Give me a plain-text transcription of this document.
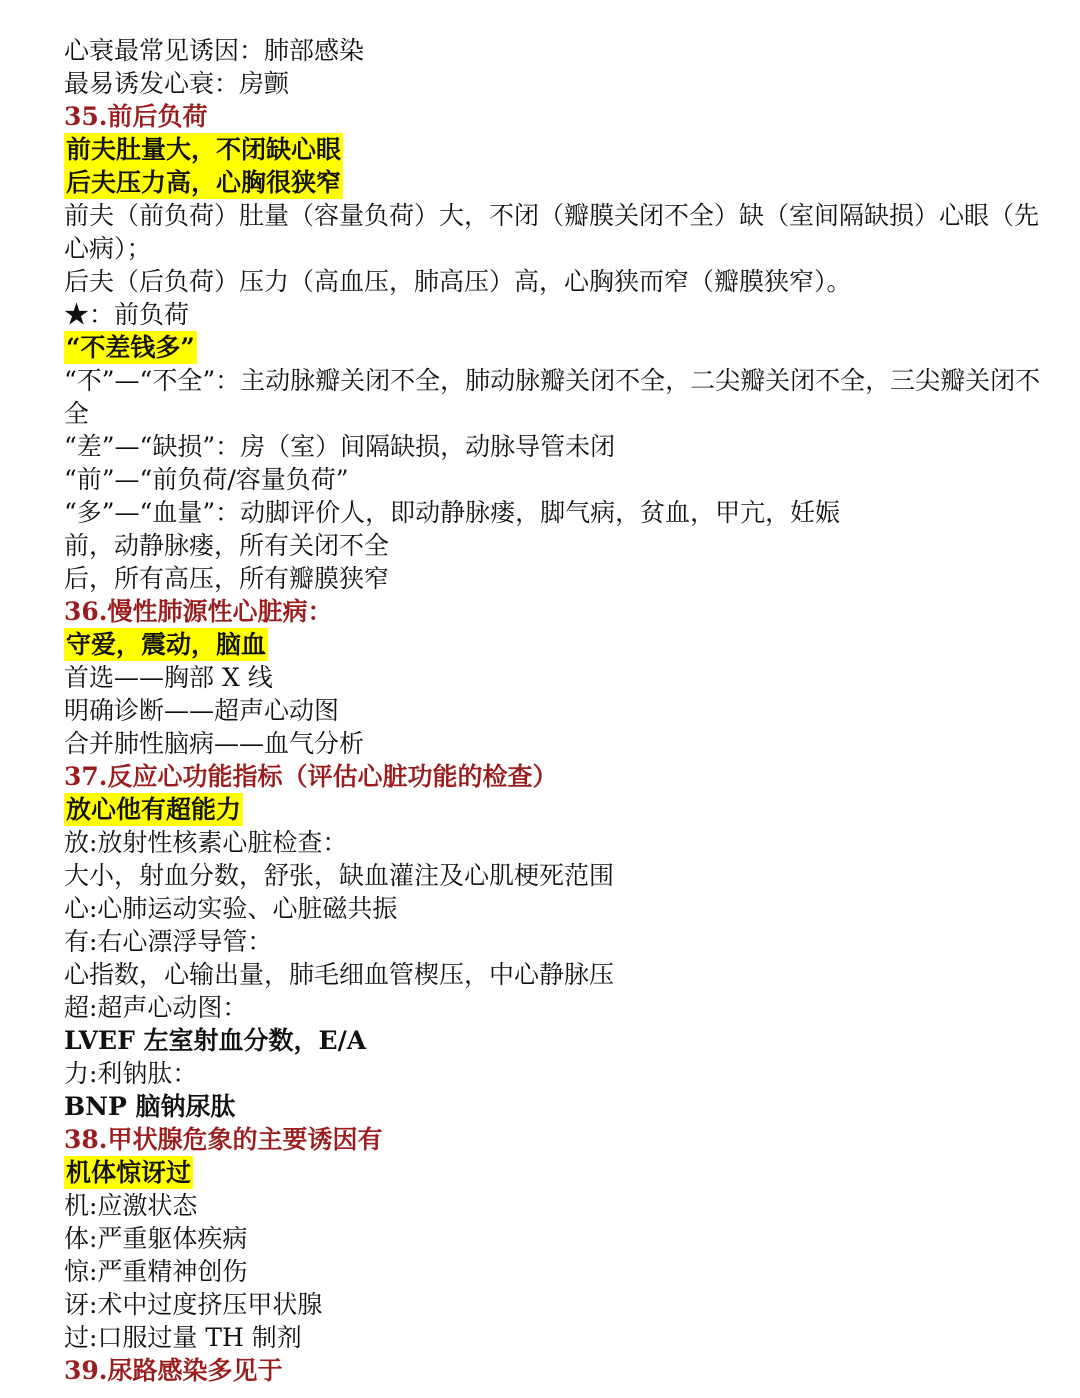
心衰最常见诱因：肺部感染
最易诱发心衰：房颤
35.前后负荷
前夫肚量大，不闭缺心眼
后夫压力高，心胸很狭窄
前夫（前负荷）肚量（容量负荷）大，不闭（瓣膜关闭不全）缺（室间隔缺损）心眼（先心病）；
后夫（后负荷）压力（高血压，肺高压）高，心胸狭而窄（瓣膜狭窄）。
★：前负荷
“不差钱多”
“不”—“不全”：主动脉瓣关闭不全，肺动脉瓣关闭不全，二尖瓣关闭不全，三尖瓣关闭不全
“差”—“缺损”：房（室）间隔缺损，动脉导管未闭
“前”—“前负荷/容量负荷”
“多”—“血量”：动脚评价人，即动静脉瘘，脚气病，贫血，甲亢，妊娠
前，动静脉瘘，所有关闭不全
后，所有高压，所有瓣膜狭窄
36.慢性肺源性心脏病：
守爱，震动，脑血
首选——胸部 X 线
明确诊断——超声心动图
合并肺性脑病——血气分析
37.反应心功能指标（评估心脏功能的检查）
放心他有超能力
放:放射性核素心脏检查：
大小，射血分数，舒张，缺血灌注及心肌梗死范围
心:心肺运动实验、心脏磁共振
有:右心漂浮导管：
心指数，心输出量，肺毛细血管楔压，中心静脉压
超:超声心动图：
LVEF 左室射血分数，E/A
力:利钠肽：
BNP 脑钠尿肽
38.甲状腺危象的主要诱因有
机体惊讶过
机:应激状态
体:严重躯体疾病
惊:严重精神创伤
讶:术中过度挤压甲状腺
过:口服过量 TH 制剂
39.尿路感染多见于
